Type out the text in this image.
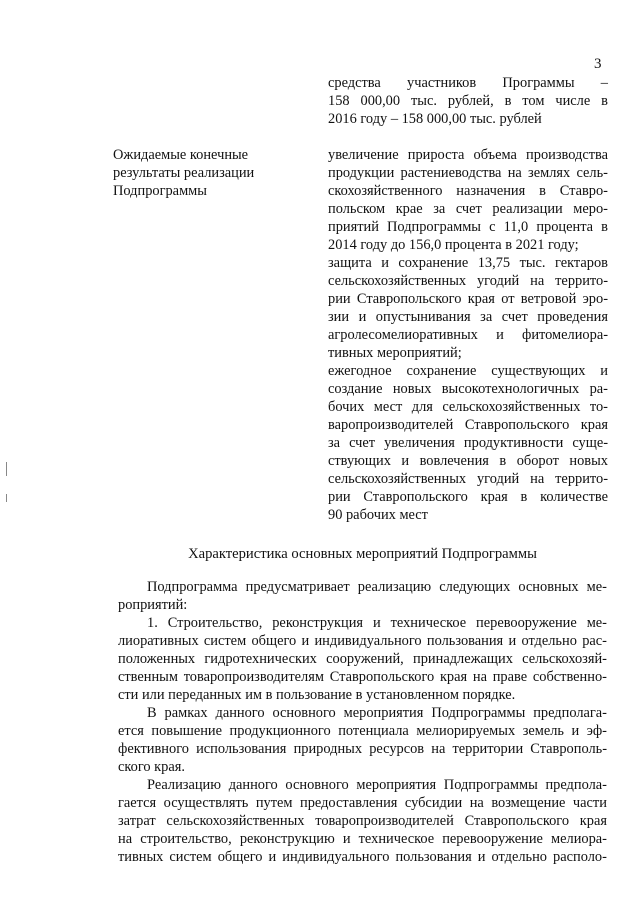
3
средства участников Программы –
158 000,00 тыс. рублей, в том числе в
2016 году – 158 000,00 тыс. рублей
Ожидаемые конечные
результаты реализации
Подпрограммы
увеличение прироста объема производства
продукции растениеводства на землях сель-
скохозяйственного назначения в Ставро-
польском крае за счет реализации меро-
приятий Подпрограммы с 11,0 процента в
2014 году до 156,0 процента в 2021 году;
защита и сохранение 13,75 тыс. гектаров
сельскохозяйственных угодий на террито-
рии Ставропольского края от ветровой эро-
зии и опустынивания за счет проведения
агролесомелиоративных и фитомелиора-
тивных мероприятий;
ежегодное сохранение существующих и
создание новых высокотехнологичных ра-
бочих мест для сельскохозяйственных то-
варопроизводителей Ставропольского края
за счет увеличения продуктивности суще-
ствующих и вовлечения в оборот новых
сельскохозяйственных угодий на террито-
рии Ставропольского края в количестве
90 рабочих мест
Характеристика основных мероприятий Подпрограммы
Подпрограмма предусматривает реализацию следующих основных ме-
роприятий:
1. Строительство, реконструкция и техническое перевооружение ме-
лиоративных систем общего и индивидуального пользования и отдельно рас-
положенных гидротехнических сооружений, принадлежащих сельскохозяй-
ственным товаропроизводителям Ставропольского края на праве собственно-
сти или переданных им в пользование в установленном порядке.
В рамках данного основного мероприятия Подпрограммы предполага-
ется повышение продукционного потенциала мелиорируемых земель и эф-
фективного использования природных ресурсов на территории Ставрополь-
ского края.
Реализацию данного основного мероприятия Подпрограммы предпола-
гается осуществлять путем предоставления субсидии на возмещение части
затрат сельскохозяйственных товаропроизводителей Ставропольского края
на строительство, реконструкцию и техническое перевооружение мелиора-
тивных систем общего и индивидуального пользования и отдельно располо-
